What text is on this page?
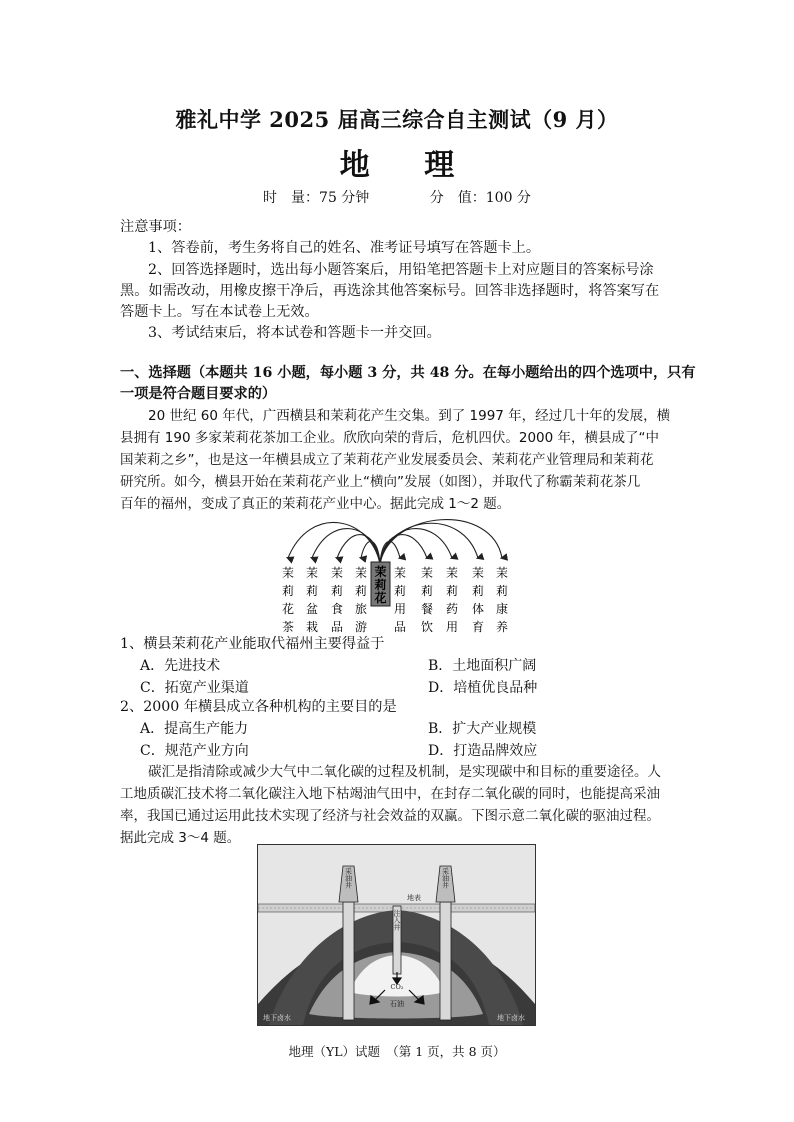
雅礼中学 2025 届高三综合自主测试（9 月）
地 理
时　量：75 分钟	分　值：100 分
注意事项：
1、答卷前，考生务将自己的姓名、准考证号填写在答题卡上。
2、回答选择题时，选出每小题答案后，用铅笔把答题卡上对应题目的答案标号涂
黑。如需改动，用橡皮擦干净后，再选涂其他答案标号。回答非选择题时，将答案写在
答题卡上。写在本试卷上无效。
3、考试结束后，将本试卷和答题卡一并交回。
一、选择题（本题共 16 小题，每小题 3 分，共 48 分。在每小题给出的四个选项中，只有
一项是符合题目要求的）
20 世纪 60 年代，广西横县和茉莉花产生交集。到了 1997 年，经过几十年的发展，横
县拥有 190 多家茉莉花茶加工企业。欣欣向荣的背后，危机四伏。2000 年，横县成了“中
国茉莉之乡”，也是这一年横县成立了茉莉花产业发展委员会、茉莉花产业管理局和茉莉花
研究所。如今，横县开始在茉莉花产业上“横向”发展（如图），并取代了称霸茉莉花茶几
百年的福州，变成了真正的茉莉花产业中心。据此完成 1～2 题。
茉莉花
茉莉花茶
茉莉盆栽
茉莉食品
茉莉旅游
茉莉用品
茉莉餐饮
茉莉药用
茉莉体育
茉莉康养
1、横县茉莉花产业能取代福州主要得益于
A．先进技术	B．土地面积广阔
C．拓宽产业渠道	D．培植优良品种
2、2000 年横县成立各种机构的主要目的是
A．提高生产能力	B．扩大产业规模
C．规范产业方向	D．打造品牌效应
碳汇是指清除或减少大气中二氧化碳的过程及机制，是实现碳中和目标的重要途径。人
工地质碳汇技术将二氧化碳注入地下枯竭油气田中，在封存二氧化碳的同时，也能提高采油
率，我国已通过运用此技术实现了经济与社会效益的双赢。下图示意二氧化碳的驱油过程。
据此完成 3～4 题。
采油井	采油井
地表
注入井
CO₂
石油
地下卤水	地下卤水
地理（YL）试题　（第 1 页，共 8 页）
